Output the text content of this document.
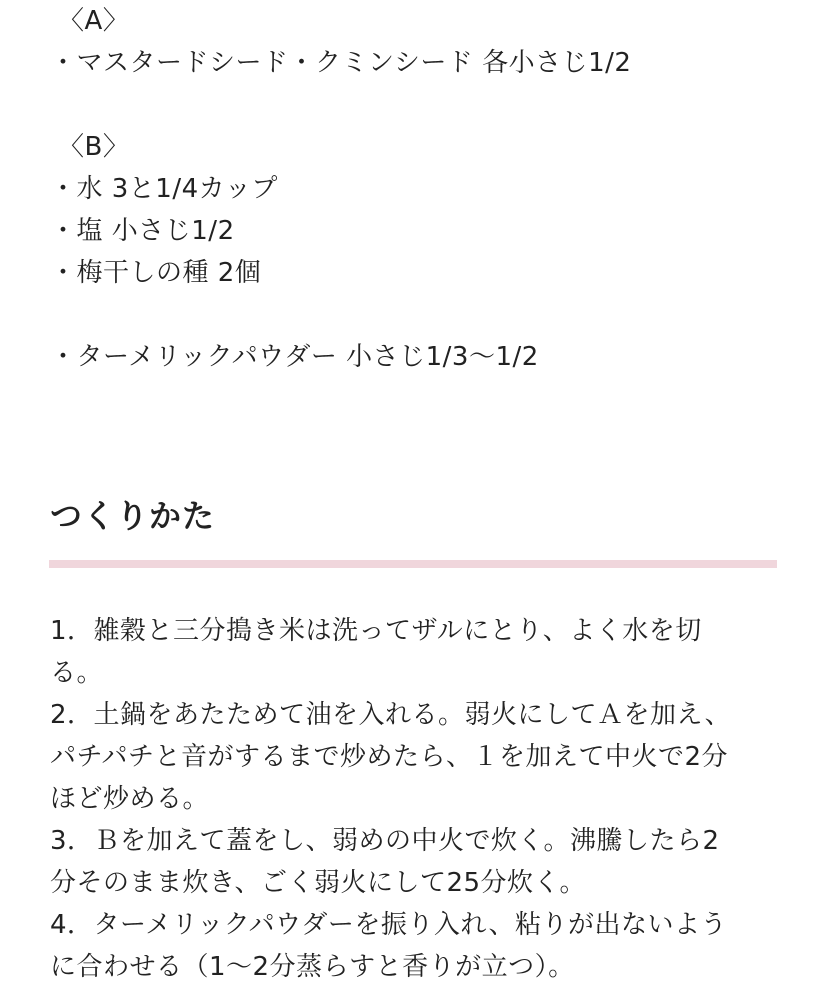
〈A〉
・マスタードシード・クミンシード 各小さじ1/2
〈B〉
・水 3と1/4カップ
・塩 小さじ1/2
・梅干しの種 2個
・ターメリックパウダー 小さじ1/3〜1/2
つくりかた
1．雑穀と三分搗き米は洗ってザルにとり、よく水を切
る。
2．土鍋をあたためて油を入れる。弱火にしてＡを加え、
パチパチと音がするまで炒めたら、１を加えて中火で2分
ほど炒める。
3．Ｂを加えて蓋をし、弱めの中火で炊く。沸騰したら2
分そのまま炊き、ごく弱火にして25分炊く。
4．ターメリックパウダーを振り入れ、粘りが出ないよう
に合わせる（1〜2分蒸らすと香りが立つ）。
